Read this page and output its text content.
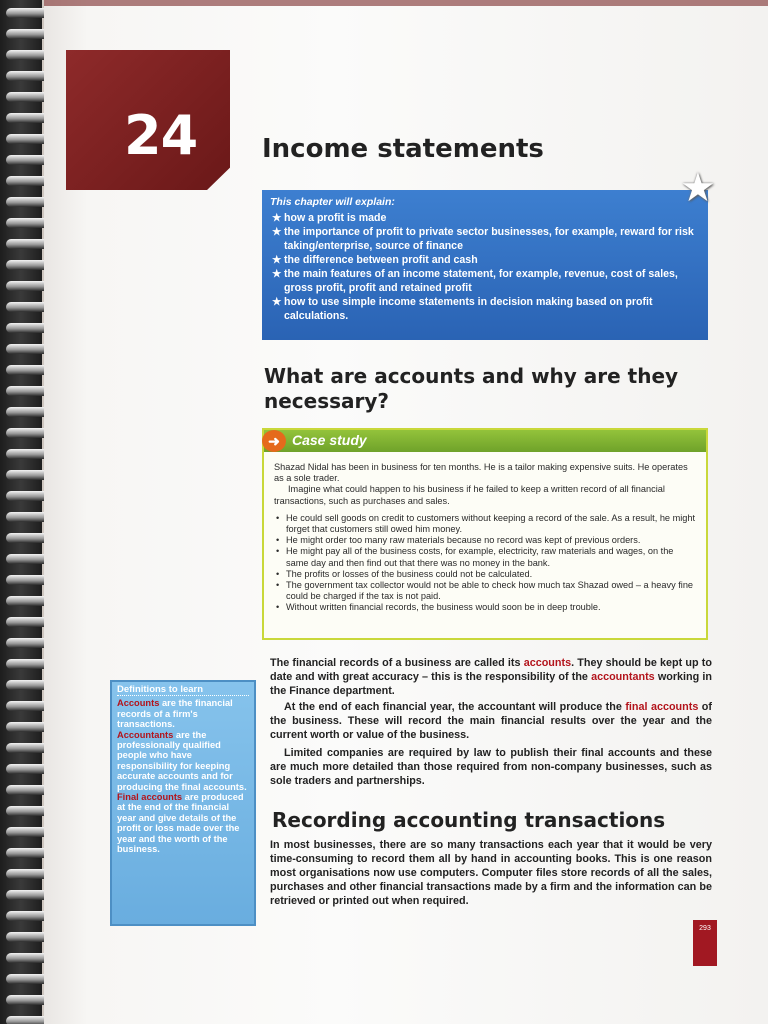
24	Income statements
This chapter will explain:
★ how a profit is made
★ the importance of profit to private sector businesses, for example, reward for risk taking/enterprise, source of finance
★ the difference between profit and cash
★ the main features of an income statement, for example, revenue, cost of sales, gross profit, profit and retained profit
★ how to use simple income statements in decision making based on profit calculations.
★
What are accounts and why are they necessary?
➜ Case study

Shazad Nidal has been in business for ten months. He is a tailor making expensive suits. He operates as a sole trader.

Imagine what could happen to his business if he failed to keep a written record of all financial transactions, such as purchases and sales.

• He could sell goods on credit to customers without keeping a record of the sale. As a result, he might forget that customers still owed him money.
• He might order too many raw materials because no record was kept of previous orders.
• He might pay all of the business costs, for example, electricity, raw materials and wages, on the same day and then find out that there was no money in the bank.
• The profits or losses of the business could not be calculated.
• The government tax collector would not be able to check how much tax Shazad owed – a heavy fine could be charged if the tax is not paid.
• Without written financial records, the business would soon be in deep trouble.
The financial records of a business are called its accounts. They should be kept up to date and with great accuracy – this is the responsibility of the accountants working in the Finance department.
At the end of each financial year, the accountant will produce the final accounts of the business. These will record the main financial results over the year and the current worth or value of the business.
Limited companies are required by law to publish their final accounts and these are much more detailed than those required from non-company businesses, such as sole traders and partnerships.
Recording accounting transactions
In most businesses, there are so many transactions each year that it would be very time-consuming to record them all by hand in accounting books. This is one reason most organisations now use computers. Computer files store records of all the sales, purchases and other financial transactions made by a firm and the information can be retrieved or printed out when required.
Definitions to learn

Accounts are the financial records of a firm's transactions.

Accountants are the professionally qualified people who have responsibility for keeping accurate accounts and for producing the final accounts.

Final accounts are produced at the end of the financial year and give details of the profit or loss made over the year and the worth of the business.

293
